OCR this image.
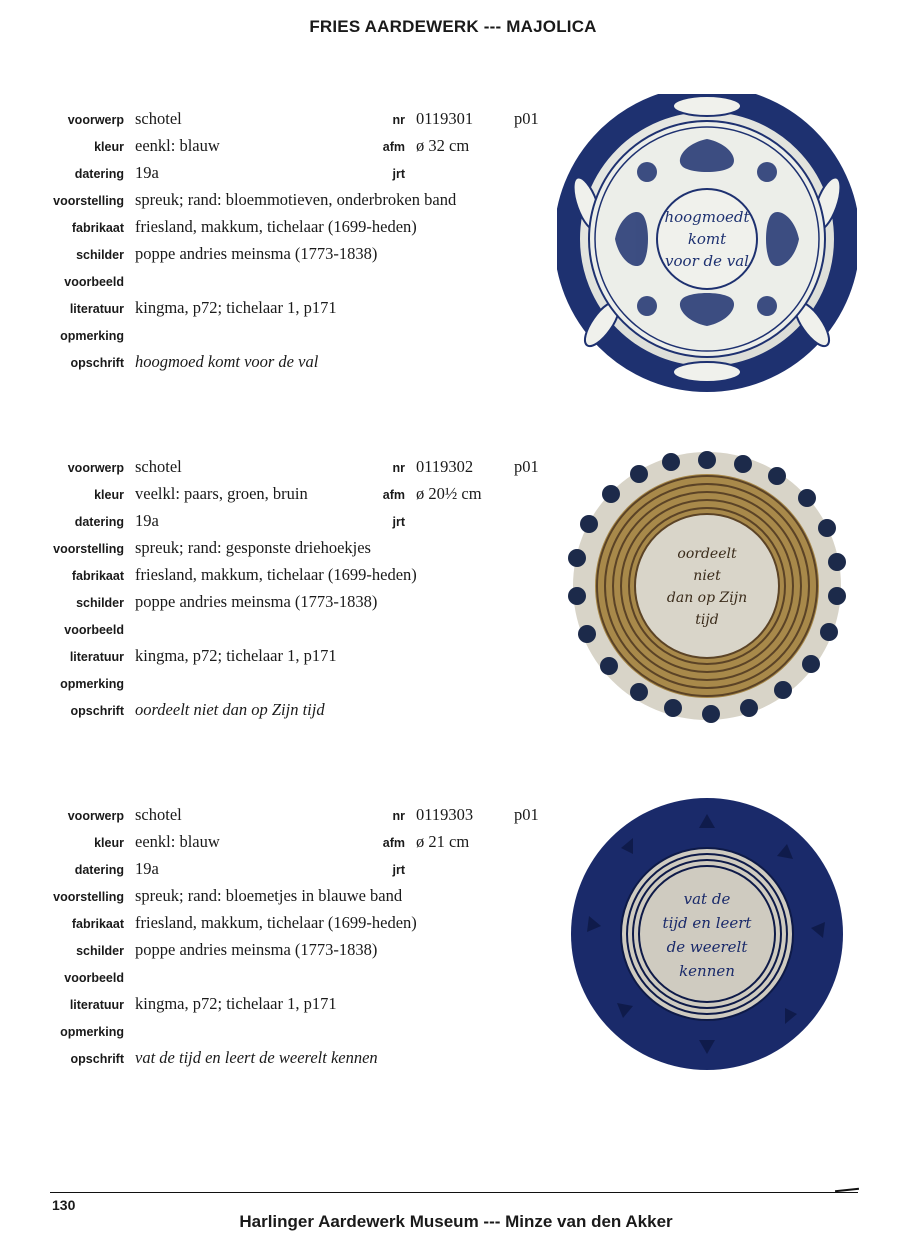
FRIES AARDEWERK --- MAJOLICA
voorwerp schotel	nr 0119301 p01
kleur eenkl: blauw	afm ø 32 cm
datering 19a	jrt
voorstelling spreuk; rand: bloemmotieven, onderbroken band
fabrikaat friesland, makkum, tichelaar (1699-heden)
schilder poppe andries meinsma (1773-1838)
voorbeeld
literatuur kingma, p72; tichelaar 1, p171
opmerking
opschrift hoogmoed komt voor de val
hoogmoedt
komt
voor de val
voorwerp schotel	nr 0119302 p01
kleur veelkl: paars, groen, bruin	afm ø 20½ cm
datering 19a	jrt
voorstelling spreuk; rand: gesponste driehoekjes
fabrikaat friesland, makkum, tichelaar (1699-heden)
schilder poppe andries meinsma (1773-1838)
voorbeeld
literatuur kingma, p72; tichelaar 1, p171
opmerking
opschrift oordeelt niet dan op Zijn tijd
oordeelt
niet
dan op Zijn
tijd
voorwerp schotel	nr 0119303 p01
kleur eenkl: blauw	afm ø 21 cm
datering 19a	jrt
voorstelling spreuk; rand: bloemetjes in blauwe band
fabrikaat friesland, makkum, tichelaar (1699-heden)
schilder poppe andries meinsma (1773-1838)
voorbeeld
literatuur kingma, p72; tichelaar 1, p171
opmerking
opschrift vat de tijd en leert de weerelt kennen
vat de
tijd en leert
de weerelt
kennen
130
Harlinger Aardewerk Museum --- Minze van den Akker
